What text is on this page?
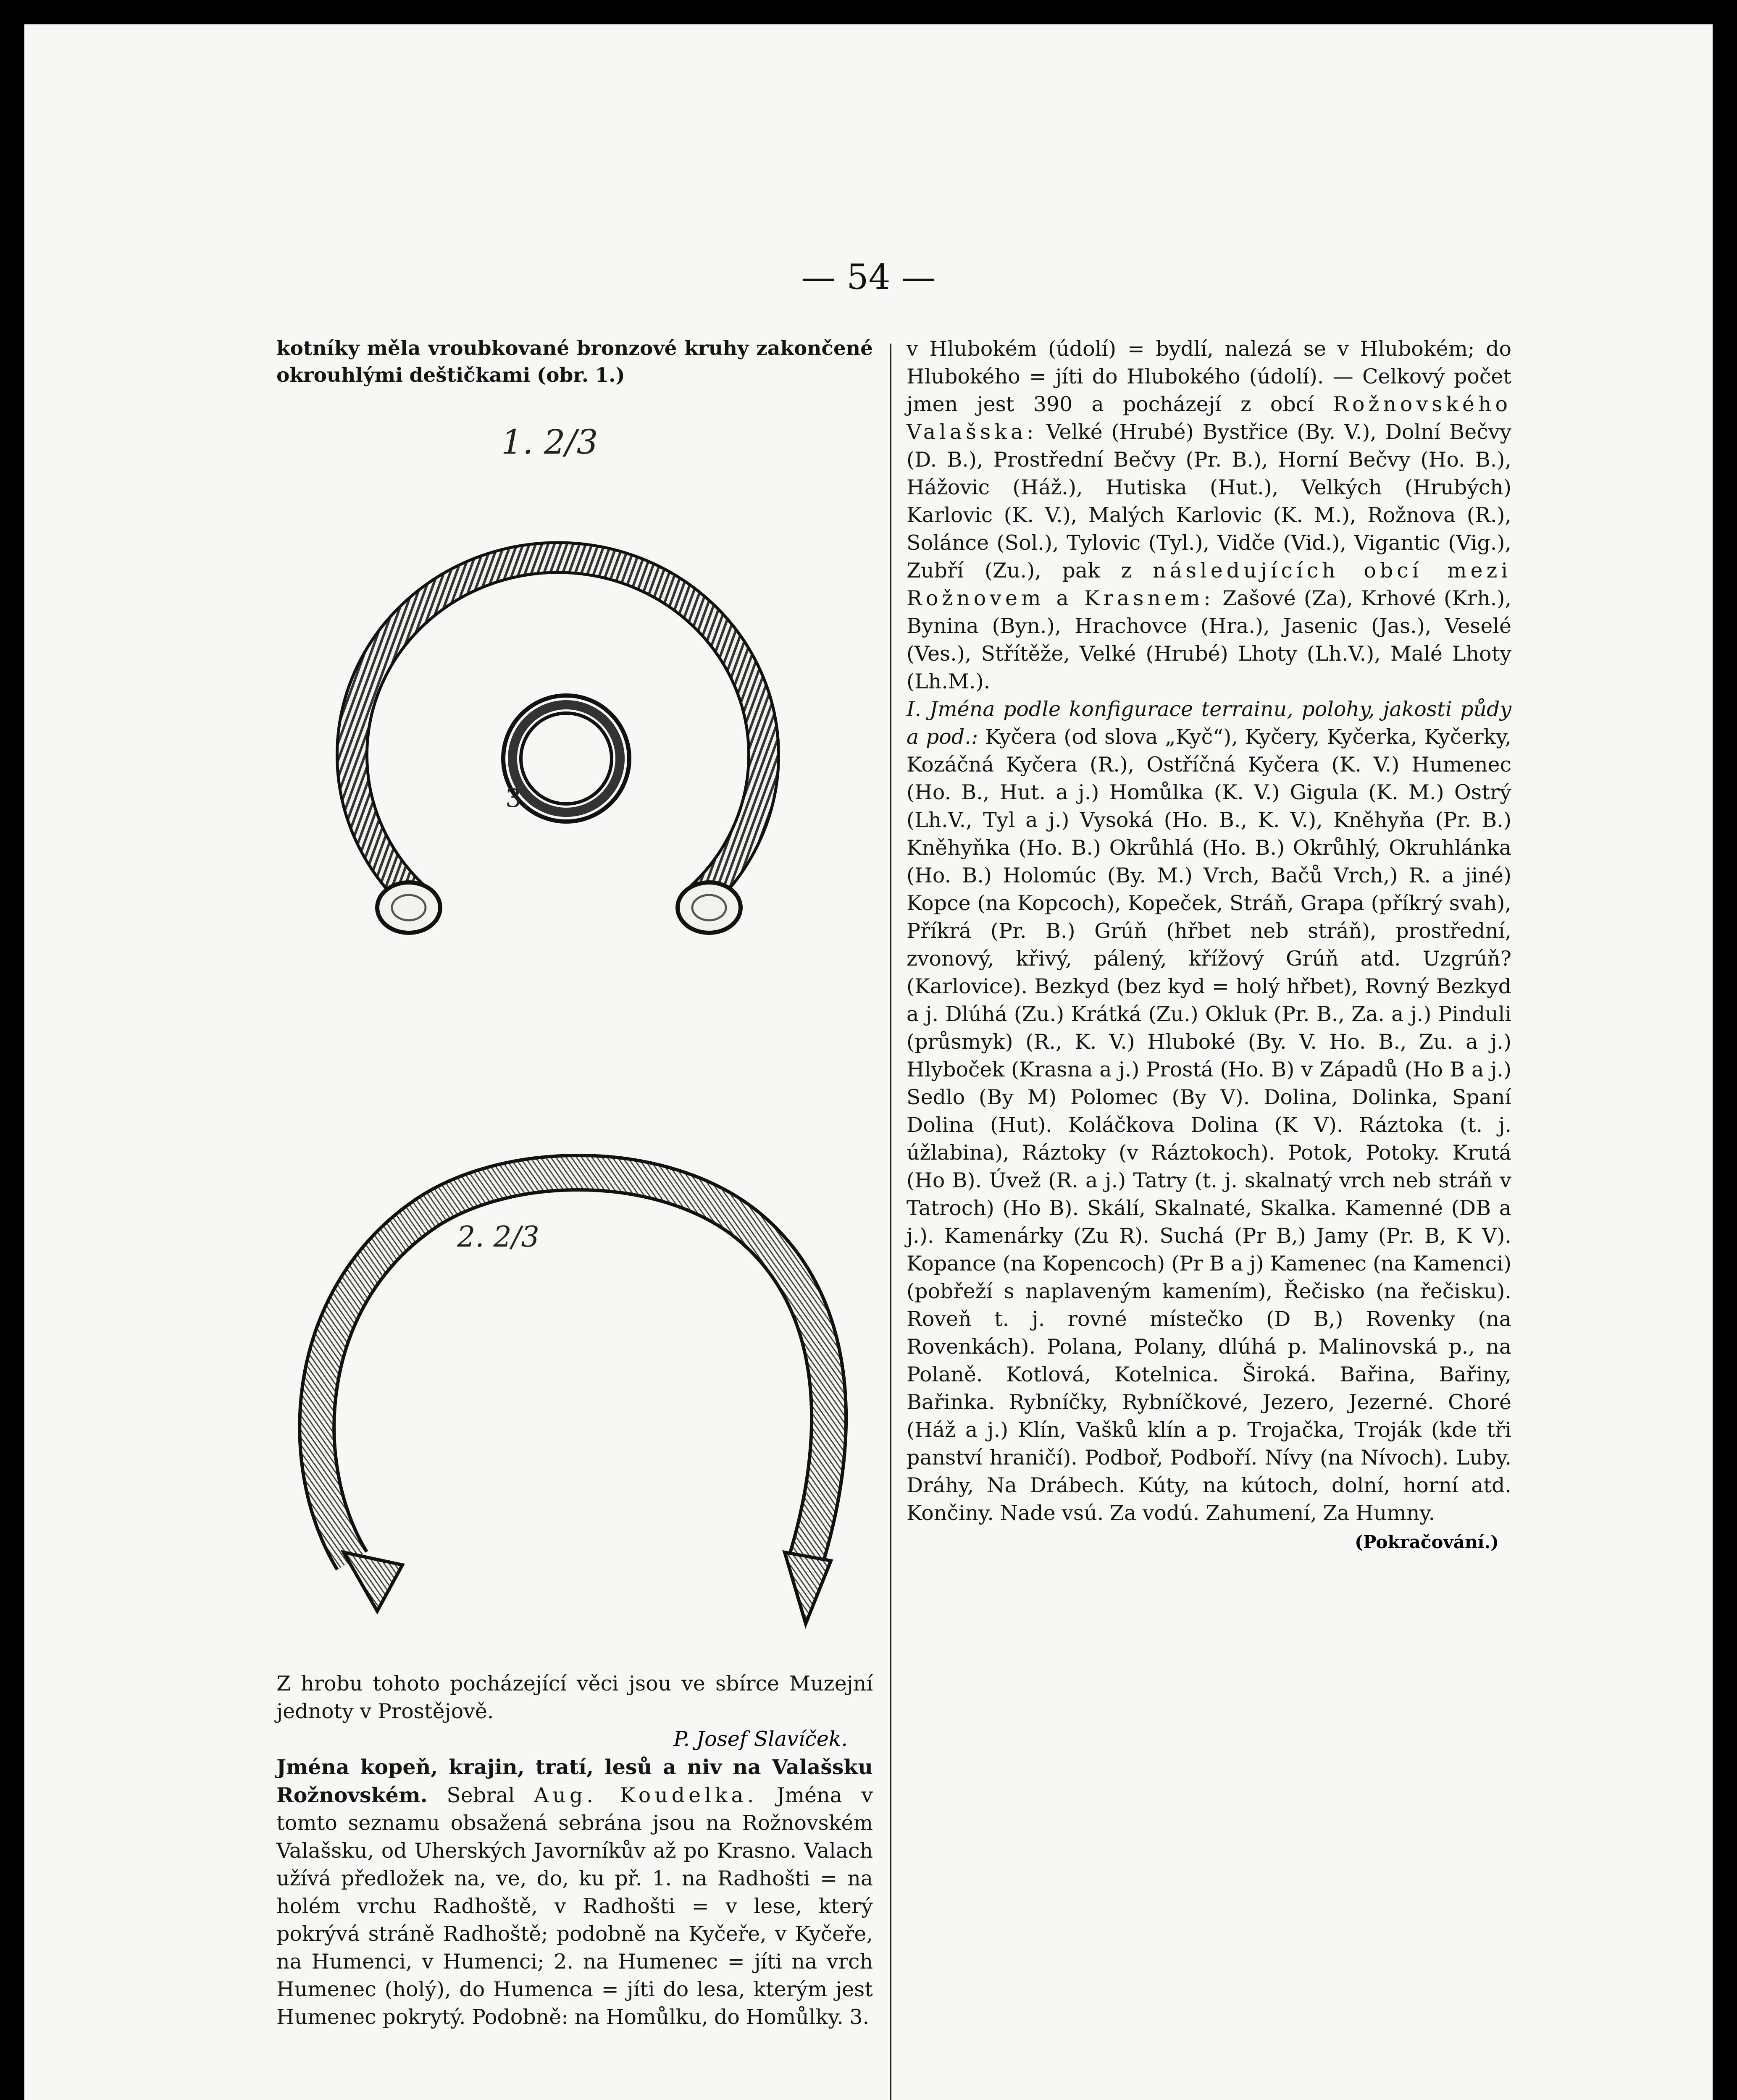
— 54 —

kotníky měla vroubkované bronzové kruhy zakončené okrouhlými deštičkami (obr. 1.)

1. 2/3
3.
2. 2/3

Z hrobu tohoto pocházející věci jsou ve sbírce Muzejní jednoty v Prostějově.

P. Josef Slavíček.

Jména kopeň, krajin, tratí, lesů a niv na Valašsku Rožnovském. Sebral Aug. Koudelka. Jména v tomto seznamu obsažená sebrána jsou na Rožnovském Valašsku, od Uherských Javorníkův až po Krasno. Valach užívá předložek na, ve, do, ku př. 1. na Radhošti = na holém vrchu Radhoště, v Radhošti = v lese, který pokrývá stráně Radhoště; podobně na Kyčeře, v Kyčeře, na Humenci, v Humenci; 2. na Humenec = jíti na vrch Humenec (holý), do Humenca = jíti do lesa, kterým jest Humenec pokrytý. Podobně: na Homůlku, do Homůlky. 3.

v Hlubokém (údolí) = bydlí, nalezá se v Hlubokém; do Hlubokého = jíti do Hlubokého (údolí). — Celkový počet jmen jest 390 a pocházejí z obcí Rožnovského Valašska: Velké (Hrubé) Bystřice (By. V.), Dolní Bečvy (D. B.), Prostřední Bečvy (Pr. B.), Horní Bečvy (Ho. B.), Hážovic (Háž.), Hutiska (Hut.), Velkých (Hrubých) Karlovic (K. V.), Malých Karlovic (K. M.), Rožnova (R.), Solánce (Sol.), Tylovic (Tyl.), Vidče (Vid.), Vigantic (Vig.), Zubří (Zu.), pak z následujících obcí mezi Rožnovem a Krasnem: Zašové (Za), Krhové (Krh.), Bynina (Byn.), Hrachovce (Hra.), Jasenic (Jas.), Veselé (Ves.), Střítěže, Velké (Hrubé) Lhoty (Lh.V.), Malé Lhoty (Lh.M.).

I. Jména podle konfigurace terrainu, polohy, jakosti půdy a pod.: Kyčera (od slova „Kyč“), Kyčery, Kyčerka, Kyčerky, Kozáčná Kyčera (R.), Ostříčná Kyčera (K. V.) Humenec (Ho. B., Hut. a j.) Homůlka (K. V.) Gigula (K. M.) Ostrý (Lh.V., Tyl a j.) Vysoká (Ho. B., K. V.), Kněhyňa (Pr. B.) Kněhyňka (Ho. B.) Okrůhlá (Ho. B.) Okrůhlý, Okruhlánka (Ho. B.) Holomúc (By. M.) Vrch, Bačů Vrch,) R. a jiné) Kopce (na Kopcoch), Kopeček, Stráň, Grapa (příkrý svah), Příkrá (Pr. B.) Grúň (hřbet neb stráň), prostřední, zvonový, křivý, pálený, křížový Grúň atd. Uzgrúň? (Karlovice). Bezkyd (bez kyd = holý hřbet), Rovný Bezkyd a j. Dlúhá (Zu.) Krátká (Zu.) Okluk (Pr. B., Za. a j.) Pinduli (průsmyk) (R., K. V.) Hluboké (By. V. Ho. B., Zu. a j.) Hlyboček (Krasna a j.) Prostá (Ho. B) v Západů (Ho B a j.) Sedlo (By M) Polomec (By V). Dolina, Dolinka, Spaní Dolina (Hut). Koláčkova Dolina (K V). Ráztoka (t. j. úžlabina), Ráztoky (v Ráztokoch). Potok, Potoky. Krutá (Ho B). Úvež (R. a j.) Tatry (t. j. skalnatý vrch neb stráň v Tatroch) (Ho B). Skálí, Skalnaté, Skalka. Kamenné (DB a j.). Kamenárky (Zu R). Suchá (Pr B,) Jamy (Pr. B, K V). Kopance (na Kopencoch) (Pr B a j) Kamenec (na Kamenci) (pobřeží s naplaveným kamením), Řečisko (na řečisku). Roveň t. j. rovné místečko (D B,) Rovenky (na Rovenkách). Polana, Polany, dlúhá p. Malinovská p., na Polaně. Kotlová, Kotelnica. Široká. Bařina, Bařiny, Bařinka. Rybníčky, Rybníčkové, Jezero, Jezerné. Choré (Háž a j.) Klín, Vašků klín a p. Trojačka, Troják (kde tři panství hraničí). Podboř, Podboří. Nívy (na Nívoch). Luby. Dráhy, Na Drábech. Kúty, na kútoch, dolní, horní atd. Končiny. Nade vsú. Za vodú. Zahumení, Za Humny.

(Pokračování.)
